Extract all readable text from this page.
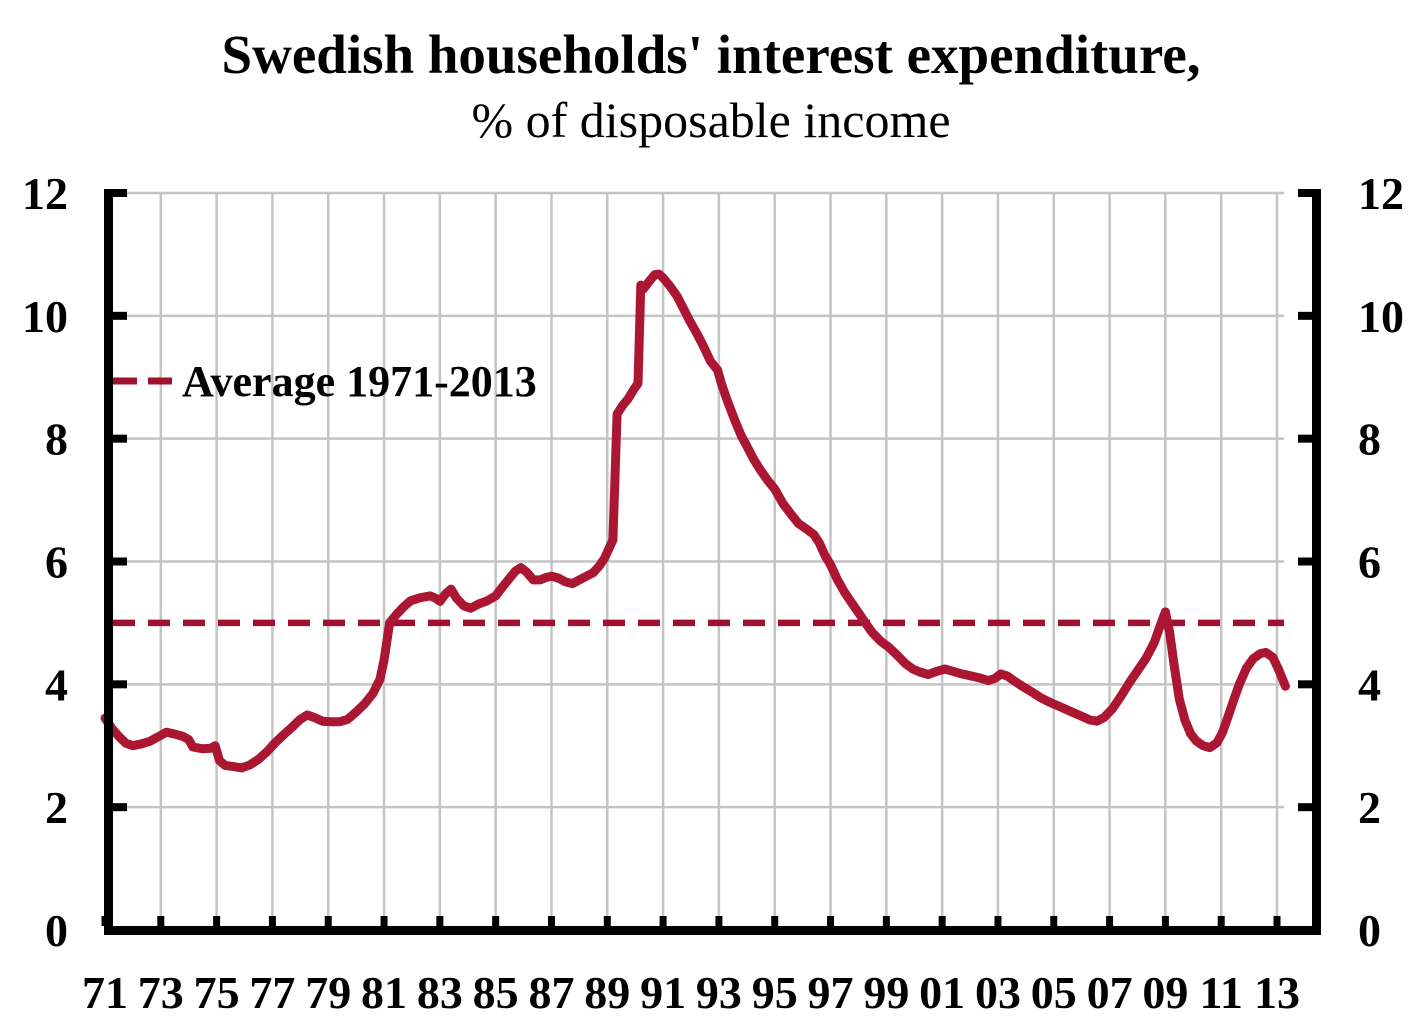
Swedish households' interest expenditure,
% of disposable income
0	0
2	2
4	4
6	6
8	8
10	10
12	12
71 73 75 77 79 81 83 85 87 89 91 93 95 97 99 01 03 05 07 09 11 13
Average 1971-2013
